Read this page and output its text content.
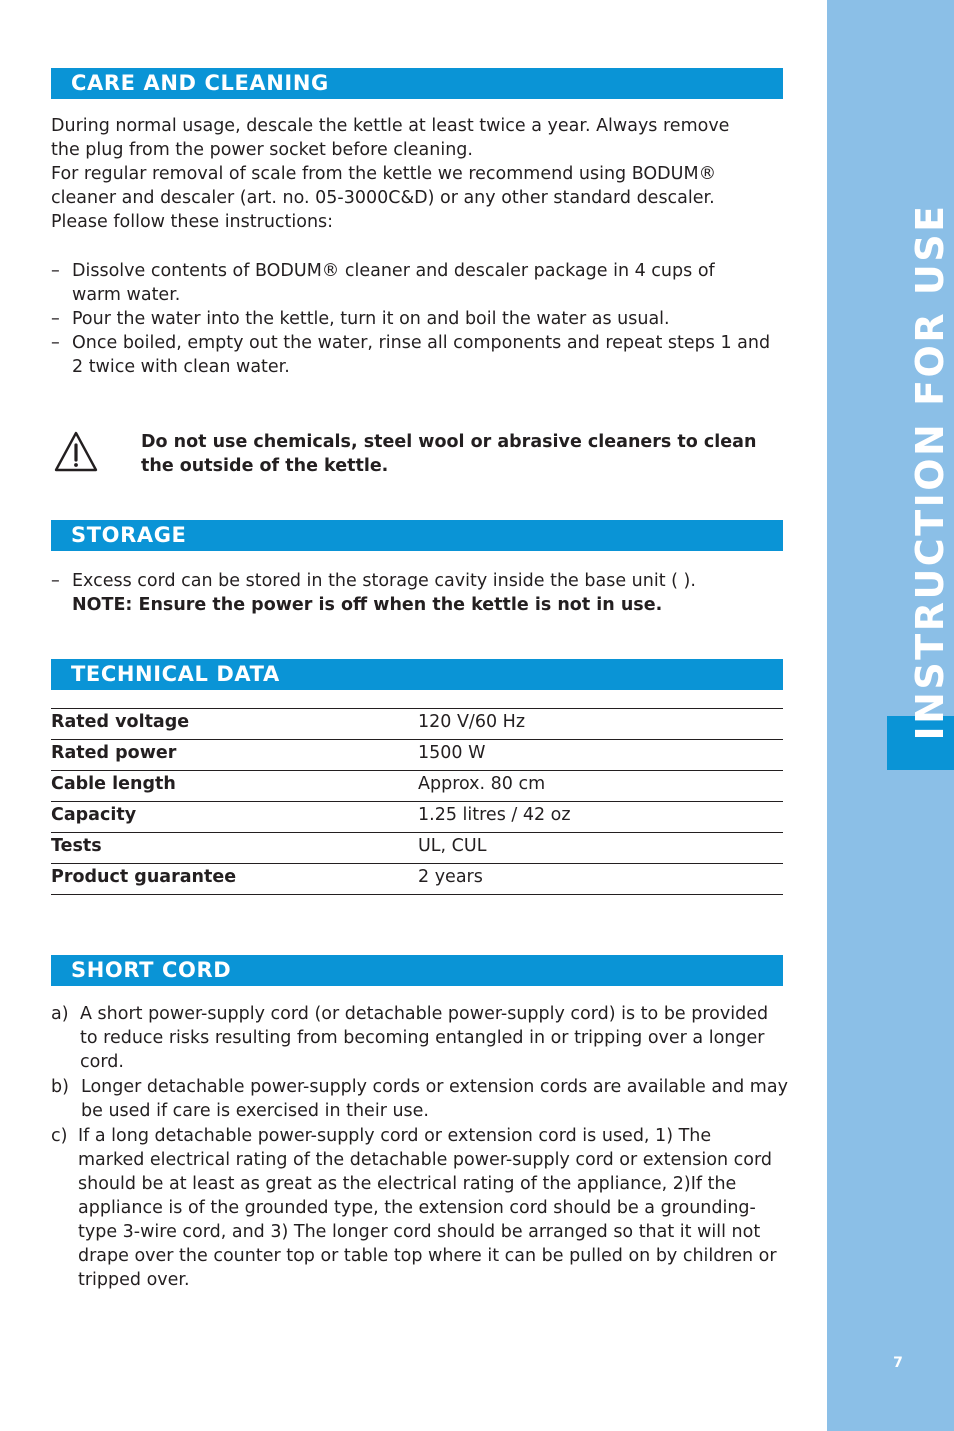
INSTRUCTION FOR USE
7
CARE AND CLEANING
During normal usage, descale the kettle at least twice a year. Always remove
the plug from the power socket before cleaning.
For regular removal of scale from the kettle we recommend using BODUM®
cleaner and descaler (art. no. 05-3000C&D) or any other standard descaler.
Please follow these instructions:
– Dissolve contents of BODUM® cleaner and descaler package in 4 cups of warm water.
– Pour the water into the kettle, turn it on and boil the water as usual.
– Once boiled, empty out the water, rinse all components and repeat steps 1 and 2 twice with clean water.
Do not use chemicals, steel wool or abrasive cleaners to clean the outside of the kettle.
STORAGE
– Excess cord can be stored in the storage cavity inside the base unit ( ).
NOTE: Ensure the power is off when the kettle is not in use.
TECHNICAL DATA
Rated voltage	120 V/60 Hz
Rated power	1500 W
Cable length	Approx. 80 cm
Capacity	1.25 litres / 42 oz
Tests	UL, CUL
Product guarantee	2 years
SHORT CORD
a) A short power-supply cord (or detachable power-supply cord) is to be provided to reduce risks resulting from becoming entangled in or tripping over a longer cord.
b) Longer detachable power-supply cords or extension cords are available and may be used if care is exercised in their use.
c) If a long detachable power-supply cord or extension cord is used, 1) The marked electrical rating of the detachable power-supply cord or extension cord should be at least as great as the electrical rating of the appliance, 2)If the appliance is of the grounded type, the extension cord should be a grounding-type 3-wire cord, and 3) The longer cord should be arranged so that it will not drape over the counter top or table top where it can be pulled on by children or tripped over.
